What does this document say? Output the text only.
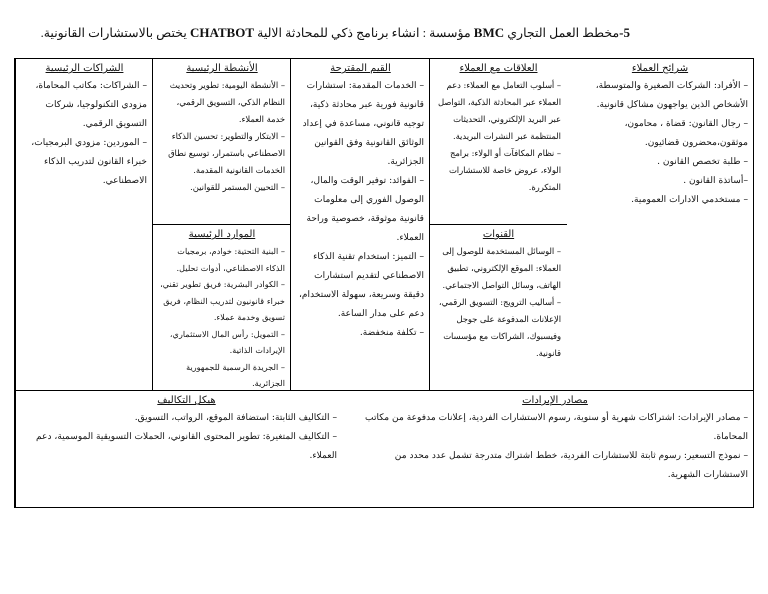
5-مخطط العمل التجاري BMC مؤسسة : انشاء برنامج ذكي للمحادثة الالية CHATBOT يختص بالاستشارات القانونية.
شرائح العملاء
– الأفراد: الشركات الصغيرة والمتوسطة، الأشخاص الذين يواجهون مشاكل قانونية.
– رجال القانون: قضاة ، محامون، موثقون،محضرون قضائيون.
– طلبة تخصص القانون .
–أساتذة القانون .
– مستخدمي الادارات العمومية.
العلاقات مع العملاء
– أسلوب التعامل مع العملاء: دعم العملاء عبر المحادثة الذكية، التواصل عبر البريد الإلكتروني، التحديثات المنتظمة عبر النشرات البريدية.
– نظام المكافآت أو الولاء: برامج الولاء، عروض خاصة للاستشارات المتكررة.
القنوات
– الوسائل المستخدمة للوصول إلى العملاء: الموقع الإلكتروني، تطبيق الهاتف، وسائل التواصل الاجتماعي.
– أساليب الترويج: التسويق الرقمي، الإعلانات المدفوعة على جوجل وفيسبوك، الشراكات مع مؤسسات قانونية.
القيم المقترحة
– الخدمات المقدمة: استشارات قانونية فورية عبر محادثة ذكية، توجيه قانوني، مساعدة في إعداد الوثائق القانونية وفق القوانين الجزائرية.
– الفوائد: توفير الوقت والمال، الوصول الفوري إلى معلومات قانونية موثوقة، خصوصية وراحة العملاء.
– التميز: استخدام تقنية الذكاء الاصطناعي لتقديم استشارات دقيقة وسريعة، سهولة الاستخدام، دعم على مدار الساعة.
– تكلفة منخفضة.
الأنشطة الرئيسية
– الأنشطة اليومية: تطوير وتحديث النظام الذكي، التسويق الرقمي، خدمة العملاء.
– الابتكار والتطوير: تحسين الذكاء الاصطناعي باستمرار، توسيع نطاق الخدمات القانونية المقدمة.
– التحيين المستمر للقوانين.
الموارد الرئيسية
– البنية التحتية: خوادم، برمجيات الذكاء الاصطناعي، أدوات تحليل.
– الكوادر البشرية: فريق تطوير تقني، خبراء قانونيون لتدريب النظام، فريق تسويق وخدمة عملاء.
– التمويل: رأس المال الاستثماري، الإيرادات الذاتية.
– الجريدة الرسمية للجمهورية الجزائرية.
الشراكات الرئيسية
– الشراكات: مكاتب المحاماة، مزودي التكنولوجيا، شركات التسويق الرقمي.
– الموردين: مزودي البرمجيات، خبراء القانون لتدريب الذكاء الاصطناعي.
مصادر الإيرادات
– مصادر الإيرادات: اشتراكات شهرية أو سنوية، رسوم الاستشارات الفردية، إعلانات مدفوعة من مكاتب المحاماة.
– نموذج التسعير: رسوم ثابتة للاستشارات الفردية، خطط اشتراك متدرجة تشمل عدد محدد من الاستشارات الشهرية.
هيكل التكاليف
– التكاليف الثابتة: استضافة الموقع، الرواتب، التسويق.
– التكاليف المتغيرة: تطوير المحتوى القانوني، الحملات التسويقية الموسمية، دعم العملاء.
